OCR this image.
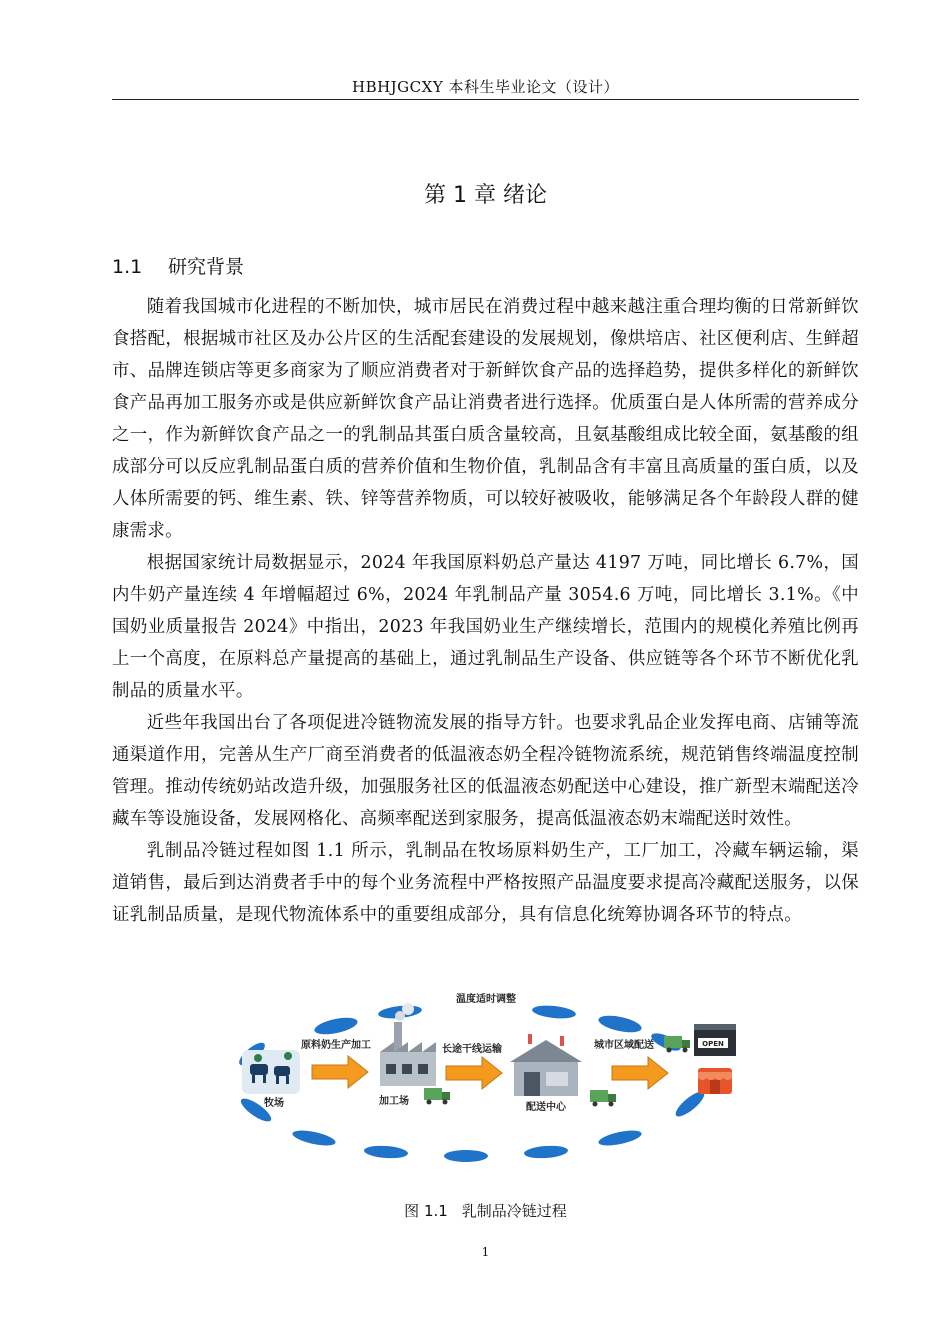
HBHJGCXY 本科生毕业论文（设计）
第 1 章 绪论
1.1 研究背景

随着我国城市化进程的不断加快，城市居民在消费过程中越来越注重合理均衡的日常新鲜饮食搭配，根据城市社区及办公片区的生活配套建设的发展规划，像烘培店、社区便利店、生鲜超市、品牌连锁店等更多商家为了顺应消费者对于新鲜饮食产品的选择趋势，提供多样化的新鲜饮食产品再加工服务亦或是供应新鲜饮食产品让消费者进行选择。优质蛋白是人体所需的营养成分之一，作为新鲜饮食产品之一的乳制品其蛋白质含量较高，且氨基酸组成比较全面，氨基酸的组成部分可以反应乳制品蛋白质的营养价值和生物价值，乳制品含有丰富且高质量的蛋白质，以及人体所需要的钙、维生素、铁、锌等营养物质，可以较好被吸收，能够满足各个年龄段人群的健康需求。

根据国家统计局数据显示，2024 年我国原料奶总产量达 4197 万吨，同比增长 6.7%，国内牛奶产量连续 4 年增幅超过 6%，2024 年乳制品产量 3054.6 万吨，同比增长 3.1%。《中国奶业质量报告 2024》中指出，2023 年我国奶业生产继续增长，范围内的规模化养殖比例再上一个高度，在原料总产量提高的基础上，通过乳制品生产设备、供应链等各个环节不断优化乳制品的质量水平。

近些年我国出台了各项促进冷链物流发展的指导方针。也要求乳品企业发挥电商、店铺等流通渠道作用，完善从生产厂商至消费者的低温液态奶全程冷链物流系统，规范销售终端温度控制管理。推动传统奶站改造升级，加强服务社区的低温液态奶配送中心建设，推广新型末端配送冷藏车等设施设备，发展网格化、高频率配送到家服务，提高低温液态奶末端配送时效性。

乳制品冷链过程如图 1.1 所示，乳制品在牧场原料奶生产，工厂加工，冷藏车辆运输，渠道销售，最后到达消费者手中的每个业务流程中严格按照产品温度要求提高冷藏配送服务，以保证乳制品质量，是现代物流体系中的重要组成部分，具有信息化统筹协调各环节的特点。

温度适时调整
牧场
原料奶生产加工
加工场
长途干线运输
配送中心
城市区域配送	OPEN
图 1.1 乳制品冷链过程
1
